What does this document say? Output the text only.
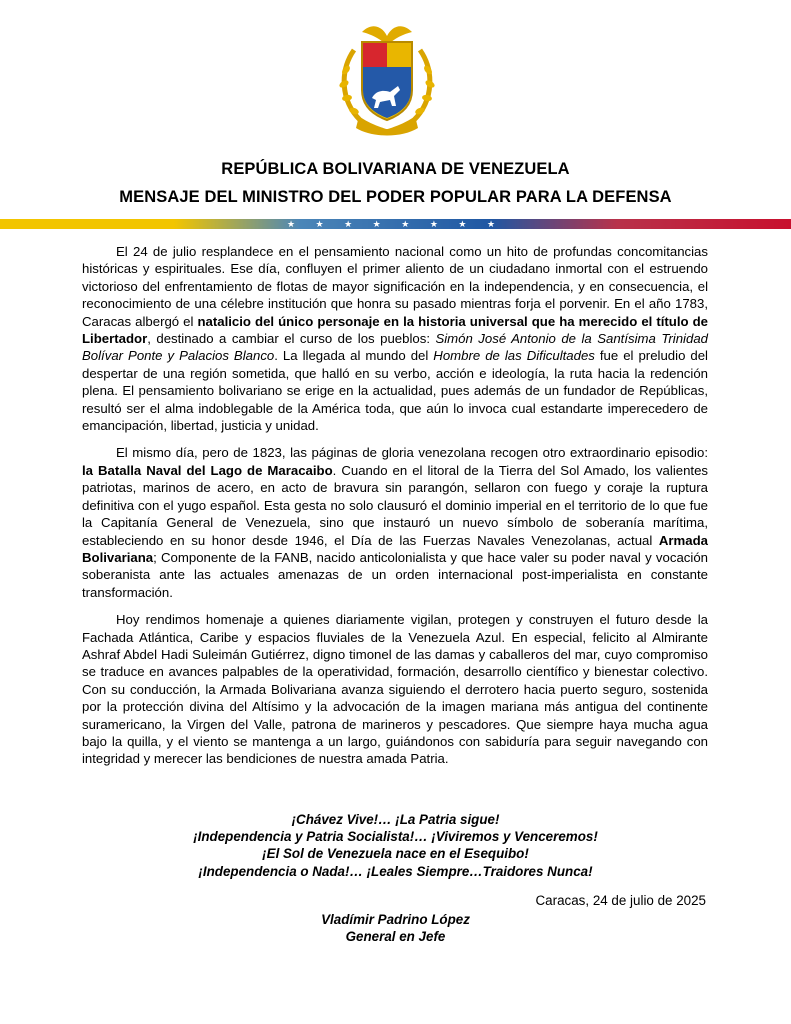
REPÚBLICA BOLIVARIANA DE VENEZUELA
MENSAJE DEL MINISTRO DEL PODER POPULAR PARA LA DEFENSA
★ ★ ★ ★ ★ ★ ★ ★

El 24 de julio resplandece en el pensamiento nacional como un hito de profundas concomitancias históricas y espirituales. Ese día, confluyen el primer aliento de un ciudadano inmortal con el estruendo victorioso del enfrentamiento de flotas de mayor significación en la independencia, y en consecuencia, el reconocimiento de una célebre institución que honra su pasado mientras forja el porvenir. En el año 1783, Caracas albergó el natalicio del único personaje en la historia universal que ha merecido el título de Libertador, destinado a cambiar el curso de los pueblos: Simón José Antonio de la Santísima Trinidad Bolívar Ponte y Palacios Blanco. La llegada al mundo del Hombre de las Dificultades fue el preludio del despertar de una región sometida, que halló en su verbo, acción e ideología, la ruta hacia la redención plena. El pensamiento bolivariano se erige en la actualidad, pues además de un fundador de Repúblicas, resultó ser el alma indoblegable de la América toda, que aún lo invoca cual estandarte imperecedero de emancipación, libertad, justicia y unidad.

El mismo día, pero de 1823, las páginas de gloria venezolana recogen otro extraordinario episodio: la Batalla Naval del Lago de Maracaibo. Cuando en el litoral de la Tierra del Sol Amado, los valientes patriotas, marinos de acero, en acto de bravura sin parangón, sellaron con fuego y coraje la ruptura definitiva con el yugo español. Esta gesta no solo clausuró el dominio imperial en el territorio de lo que fue la Capitanía General de Venezuela, sino que instauró un nuevo símbolo de soberanía marítima, estableciendo en su honor desde 1946, el Día de las Fuerzas Navales Venezolanas, actual Armada Bolivariana; Componente de la FANB, nacido anticolonialista y que hace valer su poder naval y vocación soberanista ante las actuales amenazas de un orden internacional post-imperialista en constante transformación.

Hoy rendimos homenaje a quienes diariamente vigilan, protegen y construyen el futuro desde la Fachada Atlántica, Caribe y espacios fluviales de la Venezuela Azul. En especial, felicito al Almirante Ashraf Abdel Hadi Suleimán Gutiérrez, digno timonel de las damas y caballeros del mar, cuyo compromiso se traduce en avances palpables de la operatividad, formación, desarrollo científico y bienestar colectivo. Con su conducción, la Armada Bolivariana avanza siguiendo el derrotero hacia puerto seguro, sostenida por la protección divina del Altísimo y la advocación de la imagen mariana más antigua del continente suramericano, la Virgen del Valle, patrona de marineros y pescadores. Que siempre haya mucha agua bajo la quilla, y el viento se mantenga a un largo, guiándonos con sabiduría para seguir navegando con integridad y merecer las bendiciones de nuestra amada Patria.

¡Chávez Vive!… ¡La Patria sigue!
¡Independencia y Patria Socialista!… ¡Viviremos y Venceremos!
¡El Sol de Venezuela nace en el Esequibo!
¡Independencia o Nada!… ¡Leales Siempre…Traidores Nunca!
Caracas, 24 de julio de 2025
Vladímir Padrino López
General en Jefe
